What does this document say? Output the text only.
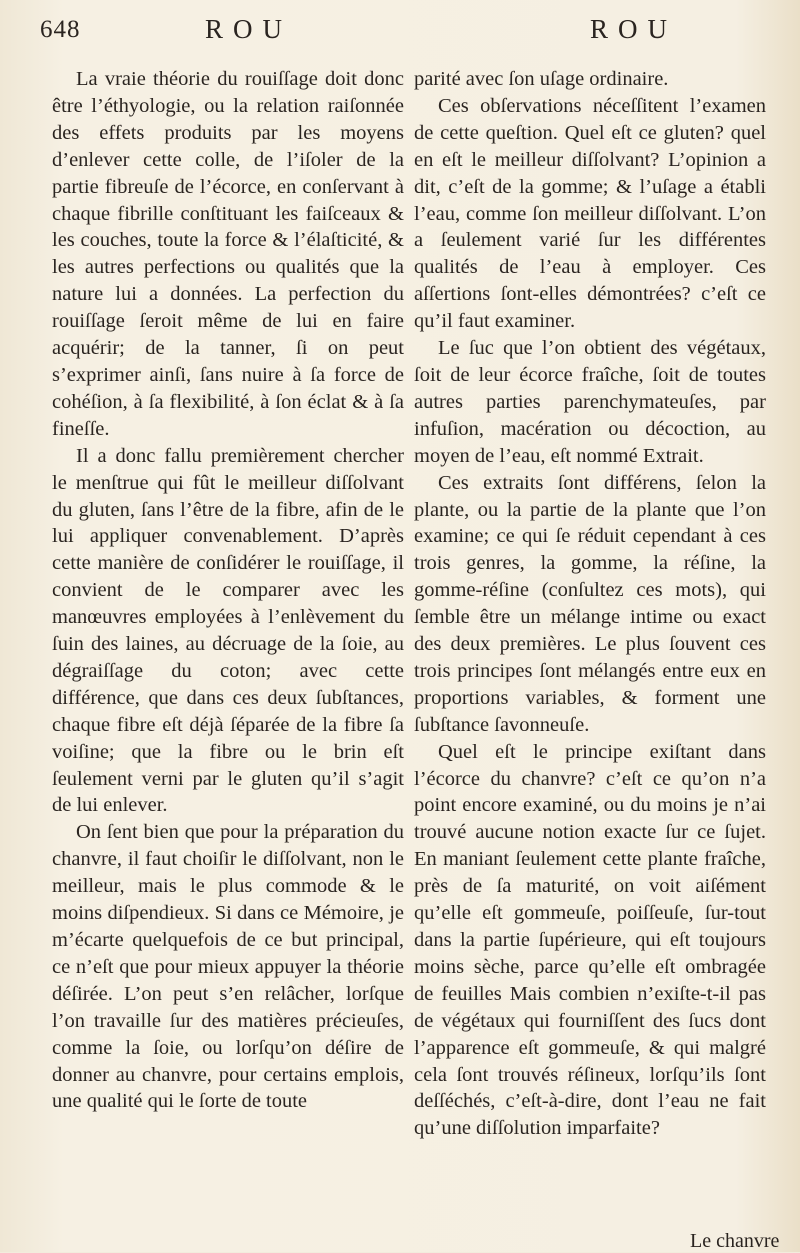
648	ROU	ROU

La vraie théorie du rouiſſage doit donc être l’éthyologie, ou la relation raiſonnée des effets produits par les moyens d’enlever cette colle, de l’iſoler de la partie fibreuſe de l’écorce, en conſervant à chaque fibrille conſtituant les faiſceaux & les couches, toute la force & l’élaſticité, & les autres perfections ou qualités que la nature lui a données. La perfection du rouiſſage ſeroit même de lui en faire acquérir; de la tanner, ſi on peut s’exprimer ainſi, ſans nuire à ſa force de cohéſion, à ſa flexibilité, à ſon éclat & à ſa fineſſe.

Il a donc fallu premièrement chercher le menſtrue qui fût le meilleur diſſolvant du gluten, ſans l’être de la fibre, afin de le lui appliquer convenablement. D’après cette manière de conſidérer le rouiſſage, il convient de le comparer avec les manœuvres employées à l’enlèvement du ſuin des laines, au décruage de la ſoie, au dégraiſſage du coton; avec cette différence, que dans ces deux ſubſtances, chaque fibre eſt déjà ſéparée de la fibre ſa voiſine; que la fibre ou le brin eſt ſeulement verni par le gluten qu’il s’agit de lui enlever.

On ſent bien que pour la préparation du chanvre, il faut choiſir le diſſolvant, non le meilleur, mais le plus commode & le moins diſpendieux. Si dans ce Mémoire, je m’écarte quelquefois de ce but principal, ce n’eſt que pour mieux appuyer la théorie déſirée. L’on peut s’en relâcher, lorſque l’on travaille ſur des matières précieuſes, comme la ſoie, ou lorſqu’on déſire de donner au chanvre, pour certains emplois, une qualité qui le ſorte de toute

parité avec ſon uſage ordinaire.

Ces obſervations néceſſitent l’examen de cette queſtion. Quel eſt ce gluten? quel en eſt le meilleur diſſolvant? L’opinion a dit, c’eſt de la gomme; & l’uſage a établi l’eau, comme ſon meilleur diſſolvant. L’on a ſeulement varié ſur les différentes qualités de l’eau à employer. Ces aſſertions ſont-elles démontrées? c’eſt ce qu’il faut examiner.

Le ſuc que l’on obtient des végétaux, ſoit de leur écorce fraîche, ſoit de toutes autres parties parenchymateuſes, par infuſion, macération ou décoction, au moyen de l’eau, eſt nommé Extrait.

Ces extraits ſont différens, ſelon la plante, ou la partie de la plante que l’on examine; ce qui ſe réduit cependant à ces trois genres, la gomme, la réſine, la gomme-réſine (conſultez ces mots), qui ſemble être un mélange intime ou exact des deux premières. Le plus ſouvent ces trois principes ſont mélangés entre eux en proportions variables, & forment une ſubſtance ſavonneuſe.

Quel eſt le principe exiſtant dans l’écorce du chanvre? c’eſt ce qu’on n’a point encore examiné, ou du moins je n’ai trouvé aucune notion exacte ſur ce ſujet. En maniant ſeulement cette plante fraîche, près de ſa maturité, on voit aiſément qu’elle eſt gommeuſe, poiſſeuſe, ſur-tout dans la partie ſupérieure, qui eſt toujours moins sèche, parce qu’elle eſt ombragée de feuilles Mais combien n’exiſte-t-il pas de végétaux qui fourniſſent des ſucs dont l’apparence eſt gommeuſe, & qui malgré cela ſont trouvés réſineux, lorſqu’ils ſont deſſéchés, c’eſt-à-dire, dont l’eau ne fait qu’une diſſolution imparfaite?

Le chanvre
